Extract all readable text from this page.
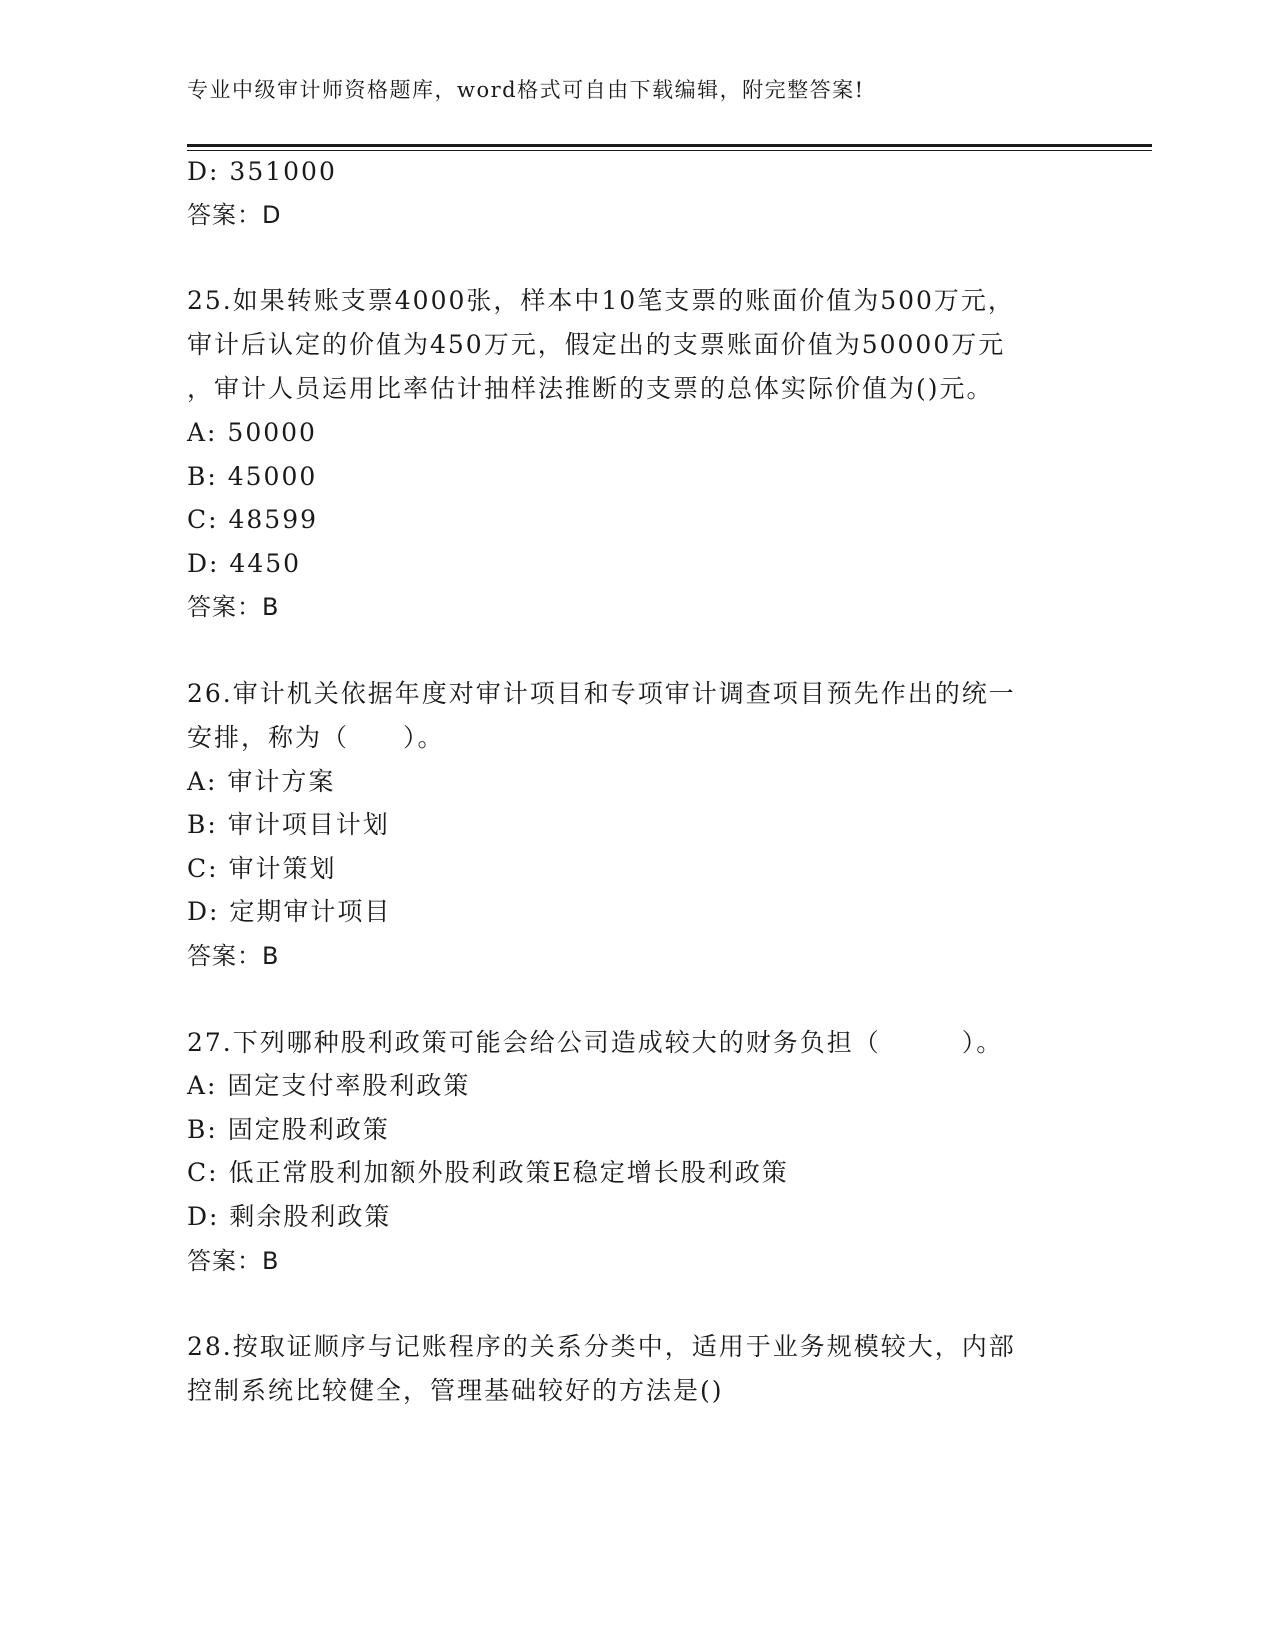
专业中级审计师资格题库，word格式可自由下载编辑，附完整答案!
D: 351000
答案：D
25.如果转账支票4000张，样本中10笔支票的账面价值为500万元，
审计后认定的价值为450万元，假定出的支票账面价值为50000万元
，审计人员运用比率估计抽样法推断的支票的总体实际价值为()元。
A: 50000
B: 45000
C: 48599
D: 4450
答案：B
26.审计机关依据年度对审计项目和专项审计调查项目预先作出的统一
安排，称为（　　）。
A: 审计方案
B: 审计项目计划
C: 审计策划
D: 定期审计项目
答案：B
27.下列哪种股利政策可能会给公司造成较大的财务负担（　　　）。
A: 固定支付率股利政策
B: 固定股利政策
C: 低正常股利加额外股利政策E稳定增长股利政策
D: 剩余股利政策
答案：B
28.按取证顺序与记账程序的关系分类中，适用于业务规模较大，内部
控制系统比较健全，管理基础较好的方法是()
